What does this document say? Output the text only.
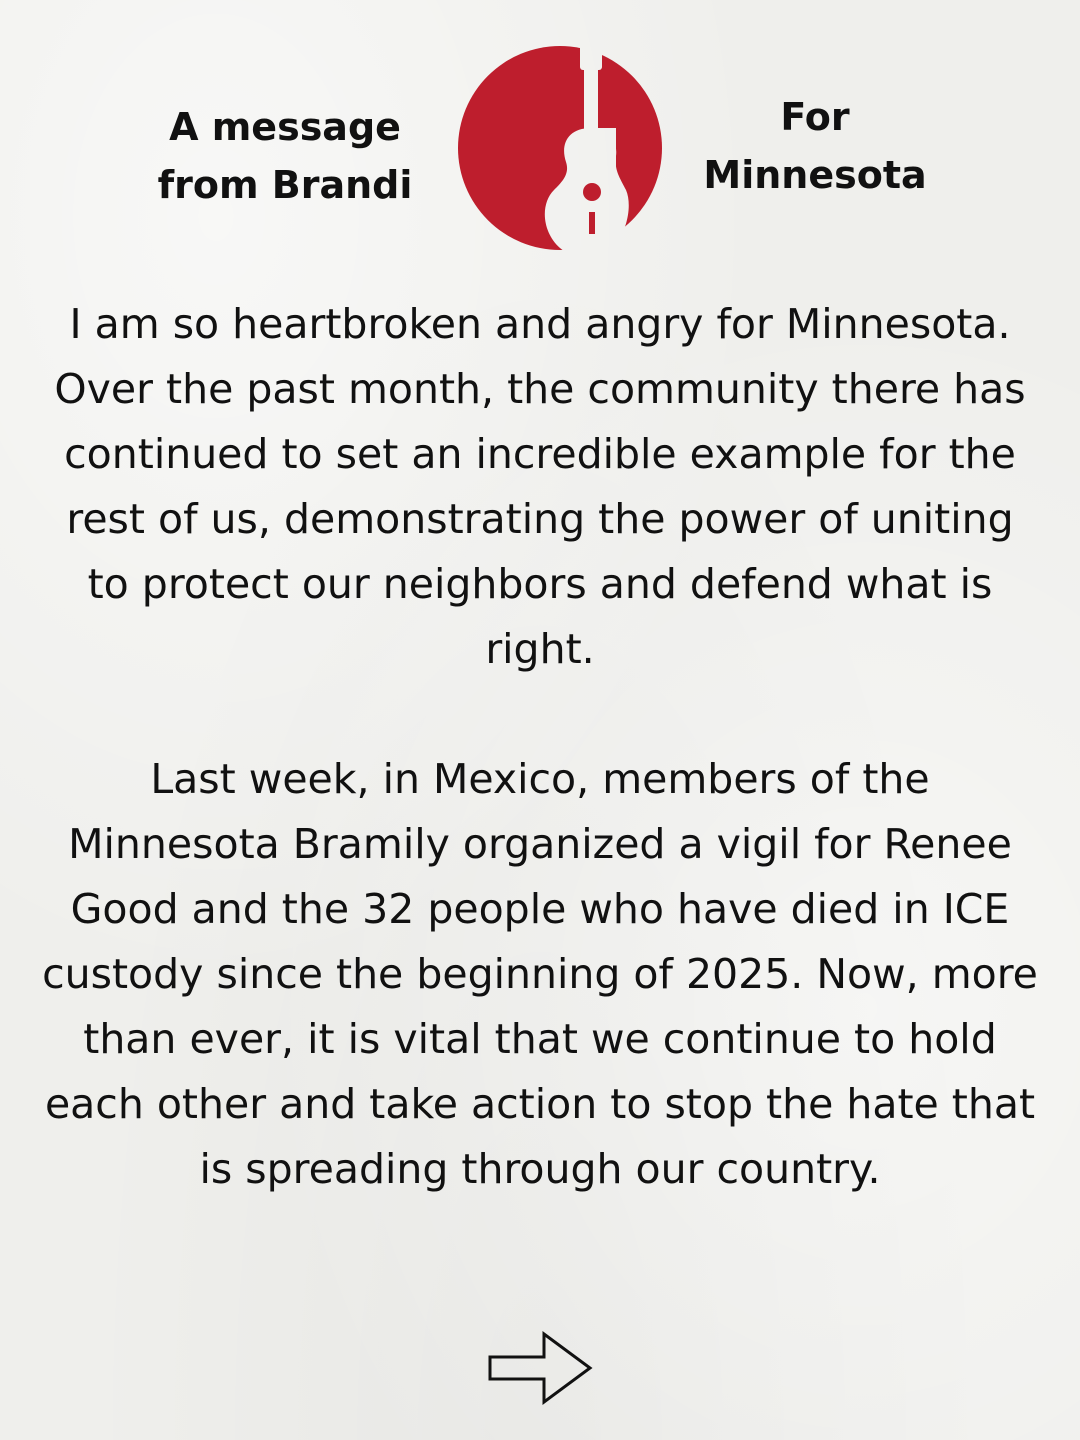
A message
from Brandi
For
Minnesota

I am so heartbroken and angry for Minnesota. Over the past month, the community there has continued to set an incredible example for the rest of us, demonstrating the power of uniting to protect our neighbors and defend what is right.

Last week, in Mexico, members of the Minnesota Bramily organized a vigil for Renee Good and the 32 people who have died in ICE custody since the beginning of 2025. Now, more than ever, it is vital that we continue to hold each other and take action to stop the hate that is spreading through our country.
